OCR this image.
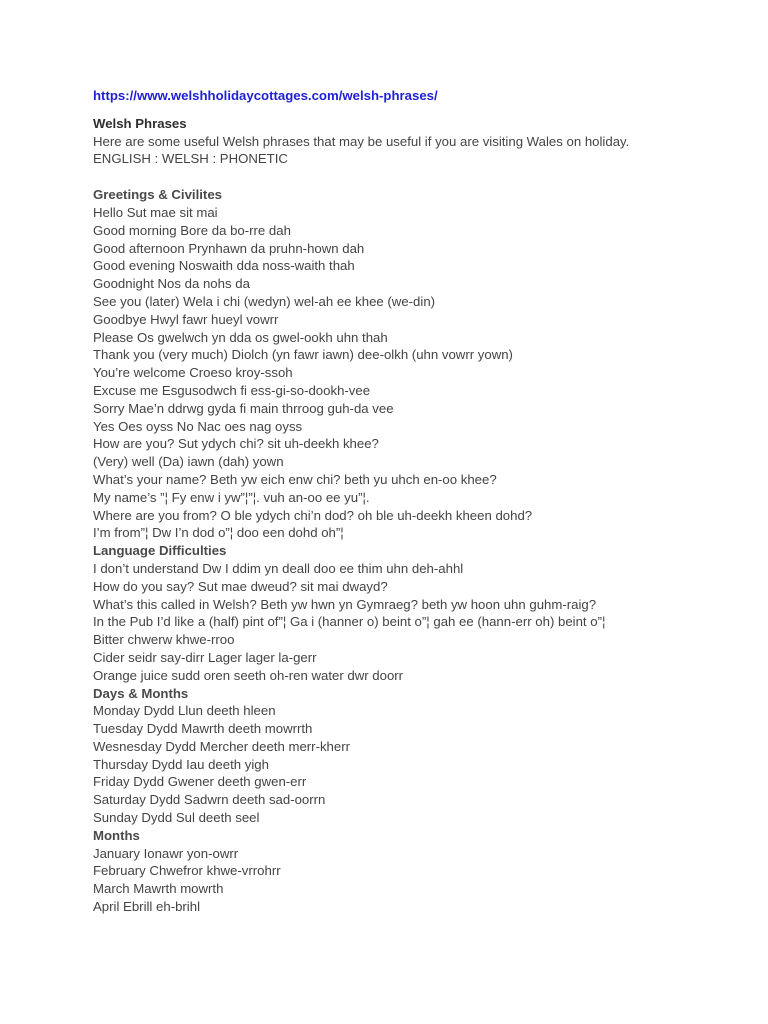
https://www.welshholidaycottages.com/welsh-phrases/
Welsh Phrases
Here are some useful Welsh phrases that may be useful if you are visiting Wales on holiday.
ENGLISH : WELSH : PHONETIC
Greetings & Civilites
Hello Sut mae sit mai
Good morning Bore da bo-rre dah
Good afternoon Prynhawn da pruhn-hown dah
Good evening Noswaith dda noss-waith thah
Goodnight Nos da nohs da
See you (later) Wela i chi (wedyn) wel-ah ee khee (we-din)
Goodbye Hwyl fawr hueyl vowrr
Please Os gwelwch yn dda os gwel-ookh uhn thah
Thank you (very much) Diolch (yn fawr iawn) dee-olkh (uhn vowrr yown)
You’re welcome Croeso kroy-ssoh
Excuse me Esgusodwch fi ess-gi-so-dookh-vee
Sorry Mae’n ddrwg gyda fi main thrroog guh-da vee
Yes Oes oyss No Nac oes nag oyss
How are you? Sut ydych chi? sit uh-deekh khee?
(Very) well (Da) iawn (dah) yown
What’s your name? Beth yw eich enw chi? beth yu uhch en-oo khee?
My name’s ”¦ Fy enw i yw”¦”¦. vuh an-oo ee yu”¦.
Where are you from? O ble ydych chi’n dod? oh ble uh-deekh kheen dohd?
I’m from”¦ Dw I’n dod o”¦ doo een dohd oh”¦
Language Difficulties
I don’t understand Dw I ddim yn deall doo ee thim uhn deh-ahhl
How do you say? Sut mae dweud? sit mai dwayd?
What’s this called in Welsh? Beth yw hwn yn Gymraeg? beth yw hoon uhn guhm-raig?
In the Pub I’d like a (half) pint of”¦ Ga i (hanner o) beint o”¦ gah ee (hann-err oh) beint o”¦
Bitter chwerw khwe-rroo
Cider seidr say-dirr Lager lager la-gerr
Orange juice sudd oren seeth oh-ren water dwr doorr
Days & Months
Monday Dydd Llun deeth hleen
Tuesday Dydd Mawrth deeth mowrrth
Wesnesday Dydd Mercher deeth merr-kherr
Thursday Dydd Iau deeth yigh
Friday Dydd Gwener deeth gwen-err
Saturday Dydd Sadwrn deeth sad-oorrn
Sunday Dydd Sul deeth seel
Months
January Ionawr yon-owrr
February Chwefror khwe-vrrohrr
March Mawrth mowrth
April Ebrill eh-brihl
